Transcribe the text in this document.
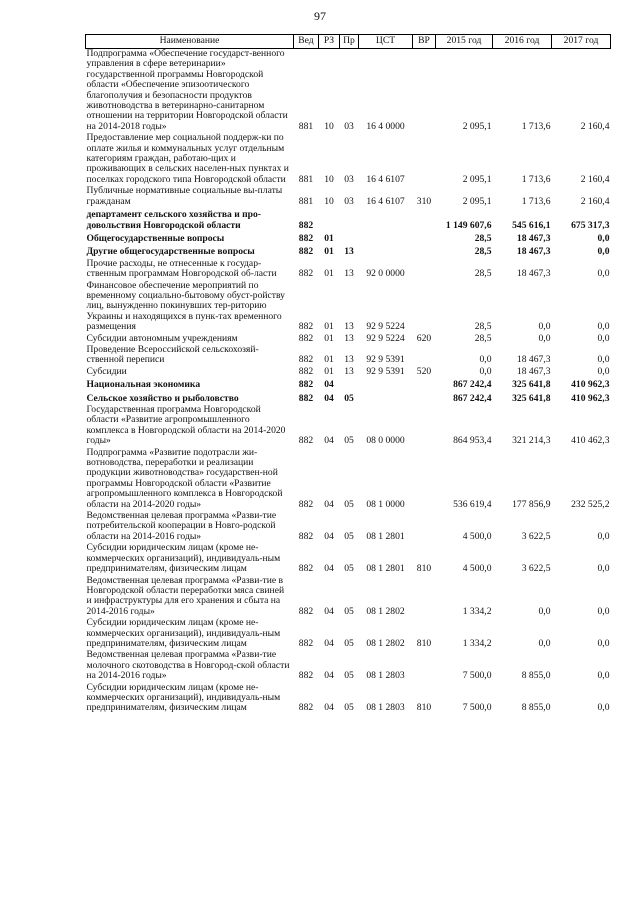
97
Наименование	Вед	РЗ	Пр	ЦСТ	ВР	2015 год	2016 год	2017 год
Подпрограмма «Обеспечение государст-венного управления в сфере ветеринарии» государственной программы Новгородской области «Обеспечение эпизоотического благополучия и безопасности продуктов животноводства в ветеринарно-санитарном отношении на территории Новгородской области на 2014-2018 годы»	881	10	03	16 4 0000		2 095,1	1 713,6	2 160,4
Предоставление мер социальной поддерж-ки по оплате жилья и коммунальных услуг отдельным категориям граждан, работаю-щих и проживающих в сельских населен-ных пунктах и поселках городского типа Новгородской области	881	10	03	16 4 6107		2 095,1	1 713,6	2 160,4
Публичные нормативные социальные вы-платы гражданам	881	10	03	16 4 6107	310	2 095,1	1 713,6	2 160,4
департамент сельского хозяйства и про-довольствия Новгородской области	882					1 149 607,6	545 616,1	675 317,3
Общегосударственные вопросы	882	01				28,5	18 467,3	0,0
Другие общегосударственные вопросы	882	01	13			28,5	18 467,3	0,0
Прочие расходы, не отнесенные к государ-ственным программам Новгородской об-ласти	882	01	13	92 0 0000		28,5	18 467,3	0,0
Финансовое обеспечение мероприятий по временному социально-бытовому обуст-ройству лиц, вынужденно покинувших тер-риторию Украины и находящихся в пунк-тах временного размещения	882	01	13	92 9 5224		28,5	0,0	0,0
Субсидии автономным учреждениям	882	01	13	92 9 5224	620	28,5	0,0	0,0
Проведение Всероссийской сельскохозяй-ственной переписи	882	01	13	92 9 5391		0,0	18 467,3	0,0
Субсидии	882	01	13	92 9 5391	520	0,0	18 467,3	0,0
Национальная экономика	882	04				867 242,4	325 641,8	410 962,3
Сельское хозяйство и рыболовство	882	04	05			867 242,4	325 641,8	410 962,3
Государственная программа Новгородской области «Развитие агропромышленного комплекса в Новгородской области на 2014-2020 годы»	882	04	05	08 0 0000		864 953,4	321 214,3	410 462,3
Подпрограмма «Развитие подотрасли жи-вотноводства, переработки и реализации продукции животноводства» государствен-ной программы Новгородской области «Развитие агропромышленного комплекса в Новгородской области на 2014-2020 годы»	882	04	05	08 1 0000		536 619,4	177 856,9	232 525,2
Ведомственная целевая программа «Разви-тие потребительской кооперации в Новго-родской области на 2014-2016 годы»	882	04	05	08 1 2801		4 500,0	3 622,5	0,0
Субсидии юридическим лицам (кроме не-коммерческих организаций), индивидуаль-ным предпринимателям, физическим лицам	882	04	05	08 1 2801	810	4 500,0	3 622,5	0,0
Ведомственная целевая программа «Разви-тие в Новгородской области переработки мяса свиней и инфраструктуры для его хранения и сбыта на 2014-2016 годы»	882	04	05	08 1 2802		1 334,2	0,0	0,0
Субсидии юридическим лицам (кроме не-коммерческих организаций), индивидуаль-ным предпринимателям, физическим лицам	882	04	05	08 1 2802	810	1 334,2	0,0	0,0
Ведомственная целевая программа «Разви-тие молочного скотоводства в Новгород-ской области на 2014-2016 годы»	882	04	05	08 1 2803		7 500,0	8 855,0	0,0
Субсидии юридическим лицам (кроме не-коммерческих организаций), индивидуаль-ным предпринимателям, физическим лицам	882	04	05	08 1 2803	810	7 500,0	8 855,0	0,0
